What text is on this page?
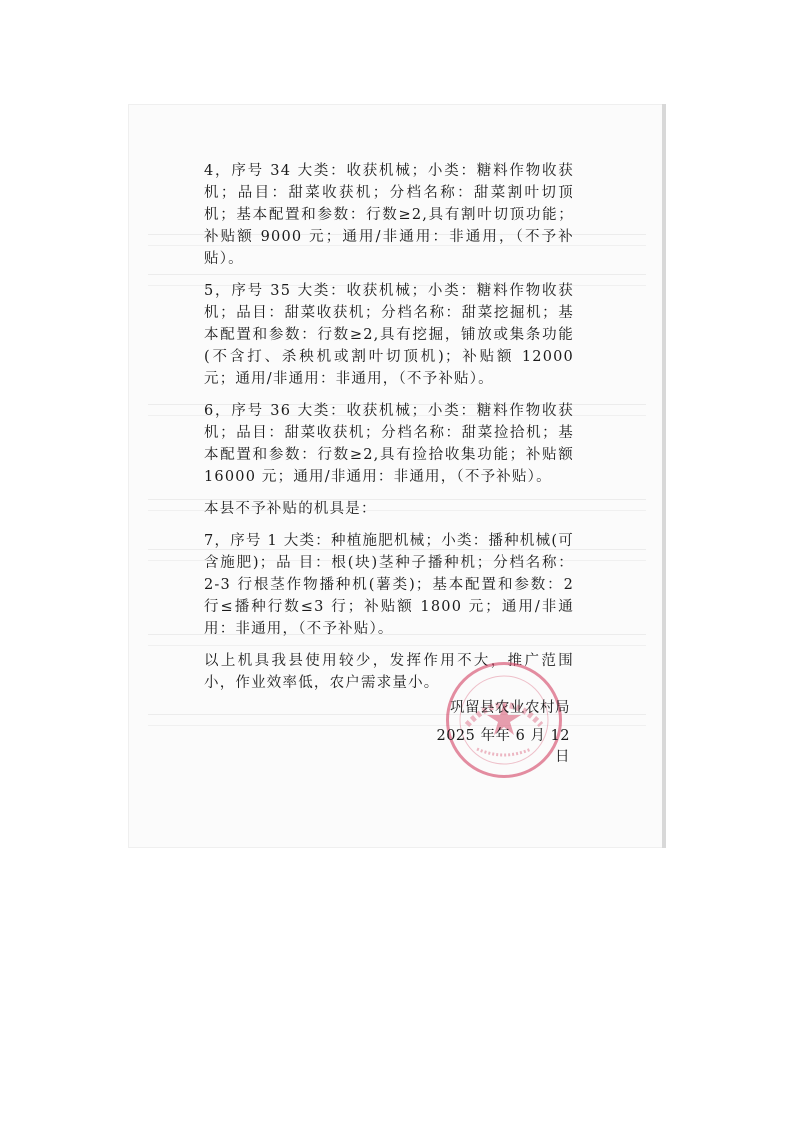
4，序号 34 大类：收获机械；小类：糖料作物收获机；品目：甜菜收获机；分档名称：甜菜割叶切顶机；基本配置和参数：行数≥2,具有割叶切顶功能；补贴额 9000 元；通用/非通用：非通用，（不予补贴）。

5，序号 35 大类：收获机械；小类：糖料作物收获机；品目：甜菜收获机；分档名称：甜菜挖掘机；基本配置和参数：行数≥2,具有挖掘，铺放或集条功能(不含打、杀秧机或割叶切顶机)；补贴额 12000 元；通用/非通用：非通用，（不予补贴）。

6，序号 36 大类：收获机械；小类：糖料作物收获机；品目：甜菜收获机；分档名称：甜菜捡拾机；基本配置和参数：行数≥2,具有捡拾收集功能；补贴额 16000 元；通用/非通用：非通用，（不予补贴）。

本县不予补贴的机具是：

7，序号 1 大类：种植施肥机械；小类：播种机械(可含施肥)；品 目：根(块)茎种子播种机；分档名称：2-3 行根茎作物播种机(薯类)；基本配置和参数：2 行≤播种行数≤3 行；补贴额 1800 元；通用/非通用：非通用，（不予补贴）。

以上机具我县使用较少，发挥作用不大，推广范围小，作业效率低，农户需求量小。

巩留县农业农村局
2025 年年 6 月 12 日
